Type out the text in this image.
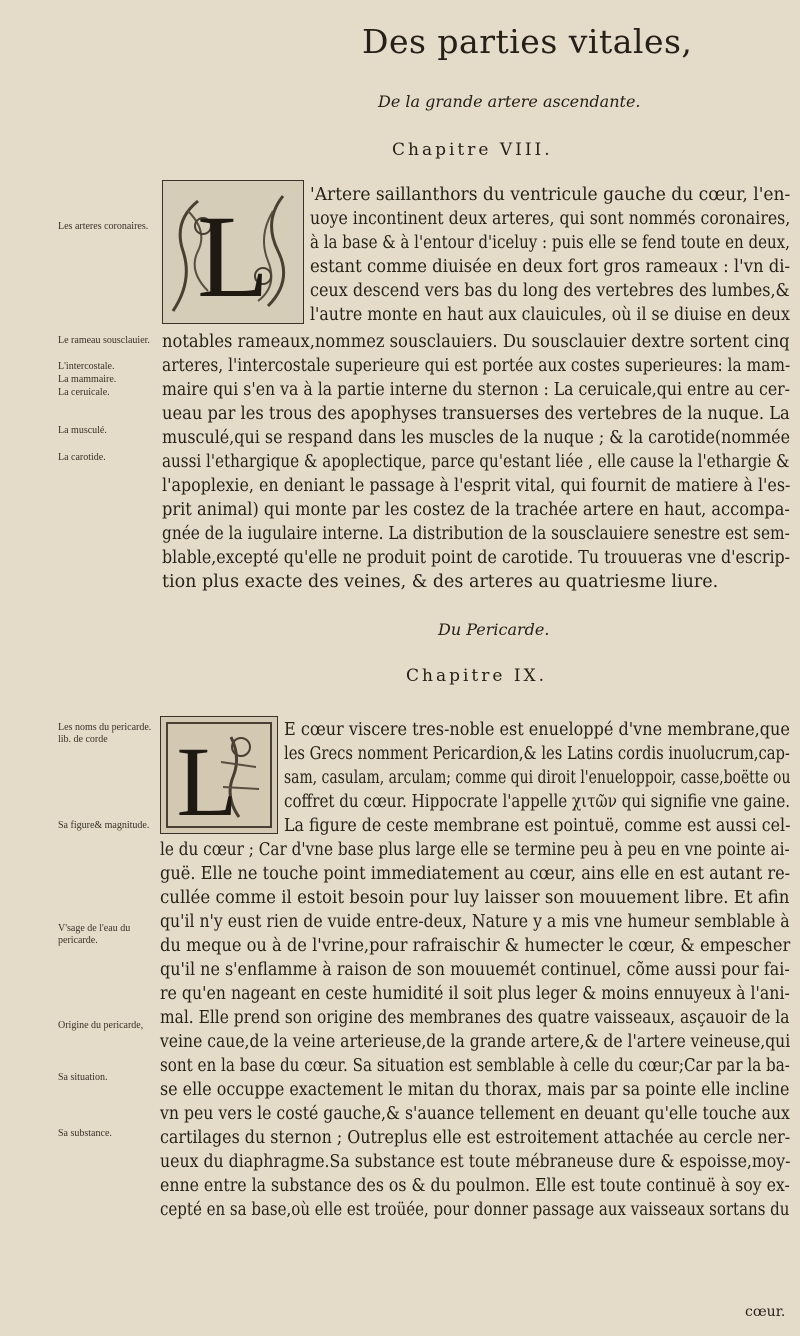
Des parties vitales,
De la grande artere ascendante.
Chapitre VIII.
L
Les arteres coronaires.
Le rameau sousclauier.
L'intercostale.
La mammaire.
La ceruicale.
La musculé.
La carotide.
'Artere saillanthors du ventricule gauche du cœur, l'en-
uoye incontinent deux arteres, qui sont nommés coronaires,
à la base & à l'entour d'iceluy : puis elle se fend toute en deux,
estant comme diuisée en deux fort gros rameaux : l'vn di-
ceux descend vers bas du long des vertebres des lumbes,&
l'autre monte en haut aux clauicules, où il se diuise en deux
notables rameaux,nommez sousclauiers. Du sousclauier dextre sortent cinq
arteres, l'intercostale superieure qui est portée aux costes superieures: la mam-
maire qui s'en va à la partie interne du sternon : La ceruicale,qui entre au cer-
ueau par les trous des apophyses transuerses des vertebres de la nuque. La
musculé,qui se respand dans les muscles de la nuque ; & la carotide(nommée
aussi l'ethargique & apoplectique, parce qu'estant liée , elle cause la l'ethargie &
l'apoplexie, en deniant le passage à l'esprit vital, qui fournit de matiere à l'es-
prit animal) qui monte par les costez de la trachée artere en haut, accompa-
gnée de la iugulaire interne. La distribution de la sousclauiere senestre est sem-
blable,excepté qu'elle ne produit point de carotide. Tu trouueras vne d'escrip-
tion plus exacte des veines, & des arteres au quatriesme liure.
Du Pericarde.
Chapitre IX.
L
Les noms du pericarde. lib. de corde
Sa figure& magnitude.
V'sage de l'eau du pericarde.
Origine du pericarde,
Sa situation.
Sa substance.
E cœur viscere tres-noble est enueloppé d'vne membrane,que
les Grecs nomment Pericardion,& les Latins cordis inuolucrum,cap-
sam, casulam, arculam; comme qui diroit l'enueloppoir, casse,boëtte ou
coffret du cœur. Hippocrate l'appelle χιτῶν qui signifie vne gaine.
La figure de ceste membrane est pointuë, comme est aussi cel-
le du cœur ; Car d'vne base plus large elle se termine peu à peu en vne pointe ai-
guë. Elle ne touche point immediatement au cœur, ains elle en est autant re-
cullée comme il estoit besoin pour luy laisser son mouuement libre. Et afin
qu'il n'y eust rien de vuide entre-deux, Nature y a mis vne humeur semblable à
du meque ou à de l'vrine,pour rafraischir & humecter le cœur, & empescher
qu'il ne s'enflamme à raison de son mouuemét continuel, cõme aussi pour fai-
re qu'en nageant en ceste humidité il soit plus leger & moins ennuyeux à l'ani-
mal. Elle prend son origine des membranes des quatre vaisseaux, asçauoir de la
veine caue,de la veine arterieuse,de la grande artere,& de l'artere veineuse,qui
sont en la base du cœur. Sa situation est semblable à celle du cœur;Car par la ba-
se elle occuppe exactement le mitan du thorax, mais par sa pointe elle incline
vn peu vers le costé gauche,& s'auance tellement en deuant qu'elle touche aux
cartilages du sternon ; Outreplus elle est estroitement attachée au cercle ner-
ueux du diaphragme.Sa substance est toute mébraneuse dure & espoisse,moy-
enne entre la substance des os & du poulmon. Elle est toute continuë à soy ex-
cepté en sa base,où elle est troüée, pour donner passage aux vaisseaux sortans du
cœur.
